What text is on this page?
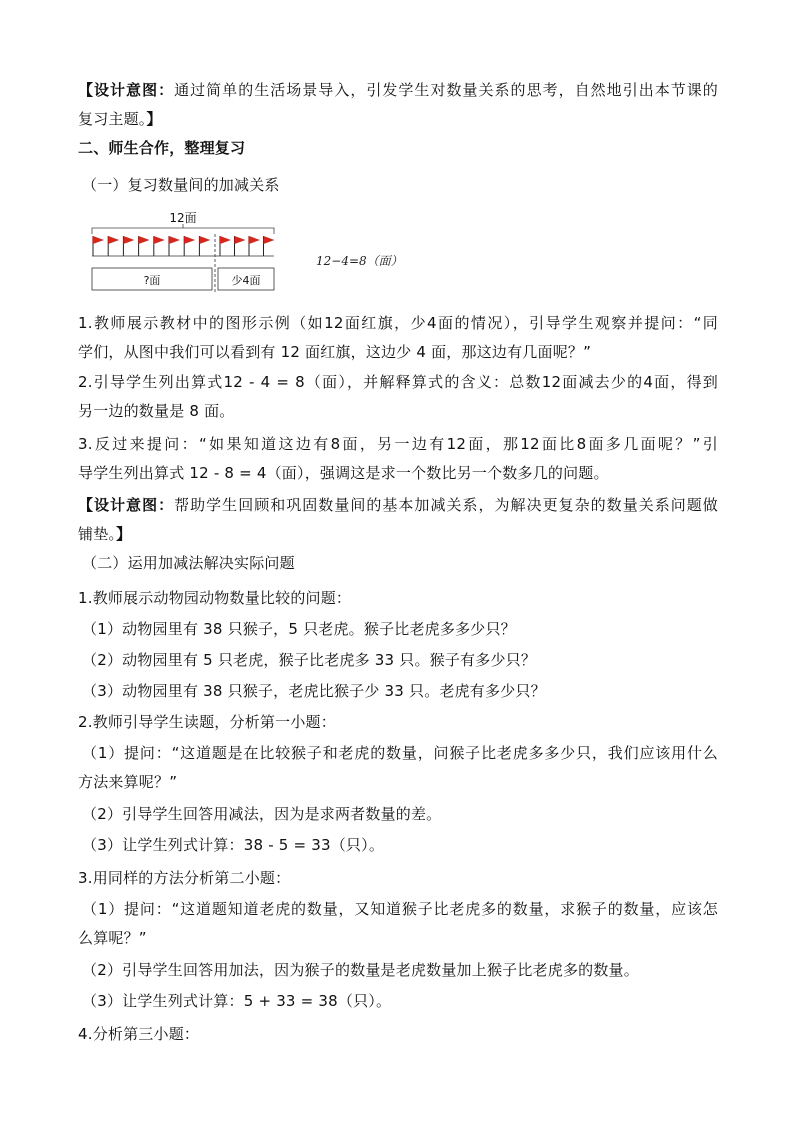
【设计意图：通过简单的生活场景导入，引发学生对数量关系的思考，自然地引出本节课的
复习主题。】
二、师生合作，整理复习
（一）复习数量间的加减关系
12面
?面	少4面
12−4=8（面）
1.教师展示教材中的图形示例（如12面红旗，少4面的情况），引导学生观察并提问：“同
学们，从图中我们可以看到有 12 面红旗，这边少 4 面，那这边有几面呢？”
2.引导学生列出算式12 - 4 = 8（面），并解释算式的含义：总数12面减去少的4面，得到
另一边的数量是 8 面。
3.反过来提问：“如果知道这边有8面，另一边有12面，那12面比8面多几面呢？”引
导学生列出算式 12 - 8 = 4（面），强调这是求一个数比另一个数多几的问题。
【设计意图：帮助学生回顾和巩固数量间的基本加减关系，为解决更复杂的数量关系问题做
铺垫。】
（二）运用加减法解决实际问题
1.教师展示动物园动物数量比较的问题：
（1）动物园里有 38 只猴子，5 只老虎。猴子比老虎多多少只？
（2）动物园里有 5 只老虎，猴子比老虎多 33 只。猴子有多少只？
（3）动物园里有 38 只猴子，老虎比猴子少 33 只。老虎有多少只？
2.教师引导学生读题，分析第一小题：
（1）提问：“这道题是在比较猴子和老虎的数量，问猴子比老虎多多少只，我们应该用什么
方法来算呢？”
（2）引导学生回答用减法，因为是求两者数量的差。
（3）让学生列式计算：38 - 5 = 33（只）。
3.用同样的方法分析第二小题：
（1）提问：“这道题知道老虎的数量，又知道猴子比老虎多的数量，求猴子的数量，应该怎
么算呢？”
（2）引导学生回答用加法，因为猴子的数量是老虎数量加上猴子比老虎多的数量。
（3）让学生列式计算：5 + 33 = 38（只）。
4.分析第三小题：
